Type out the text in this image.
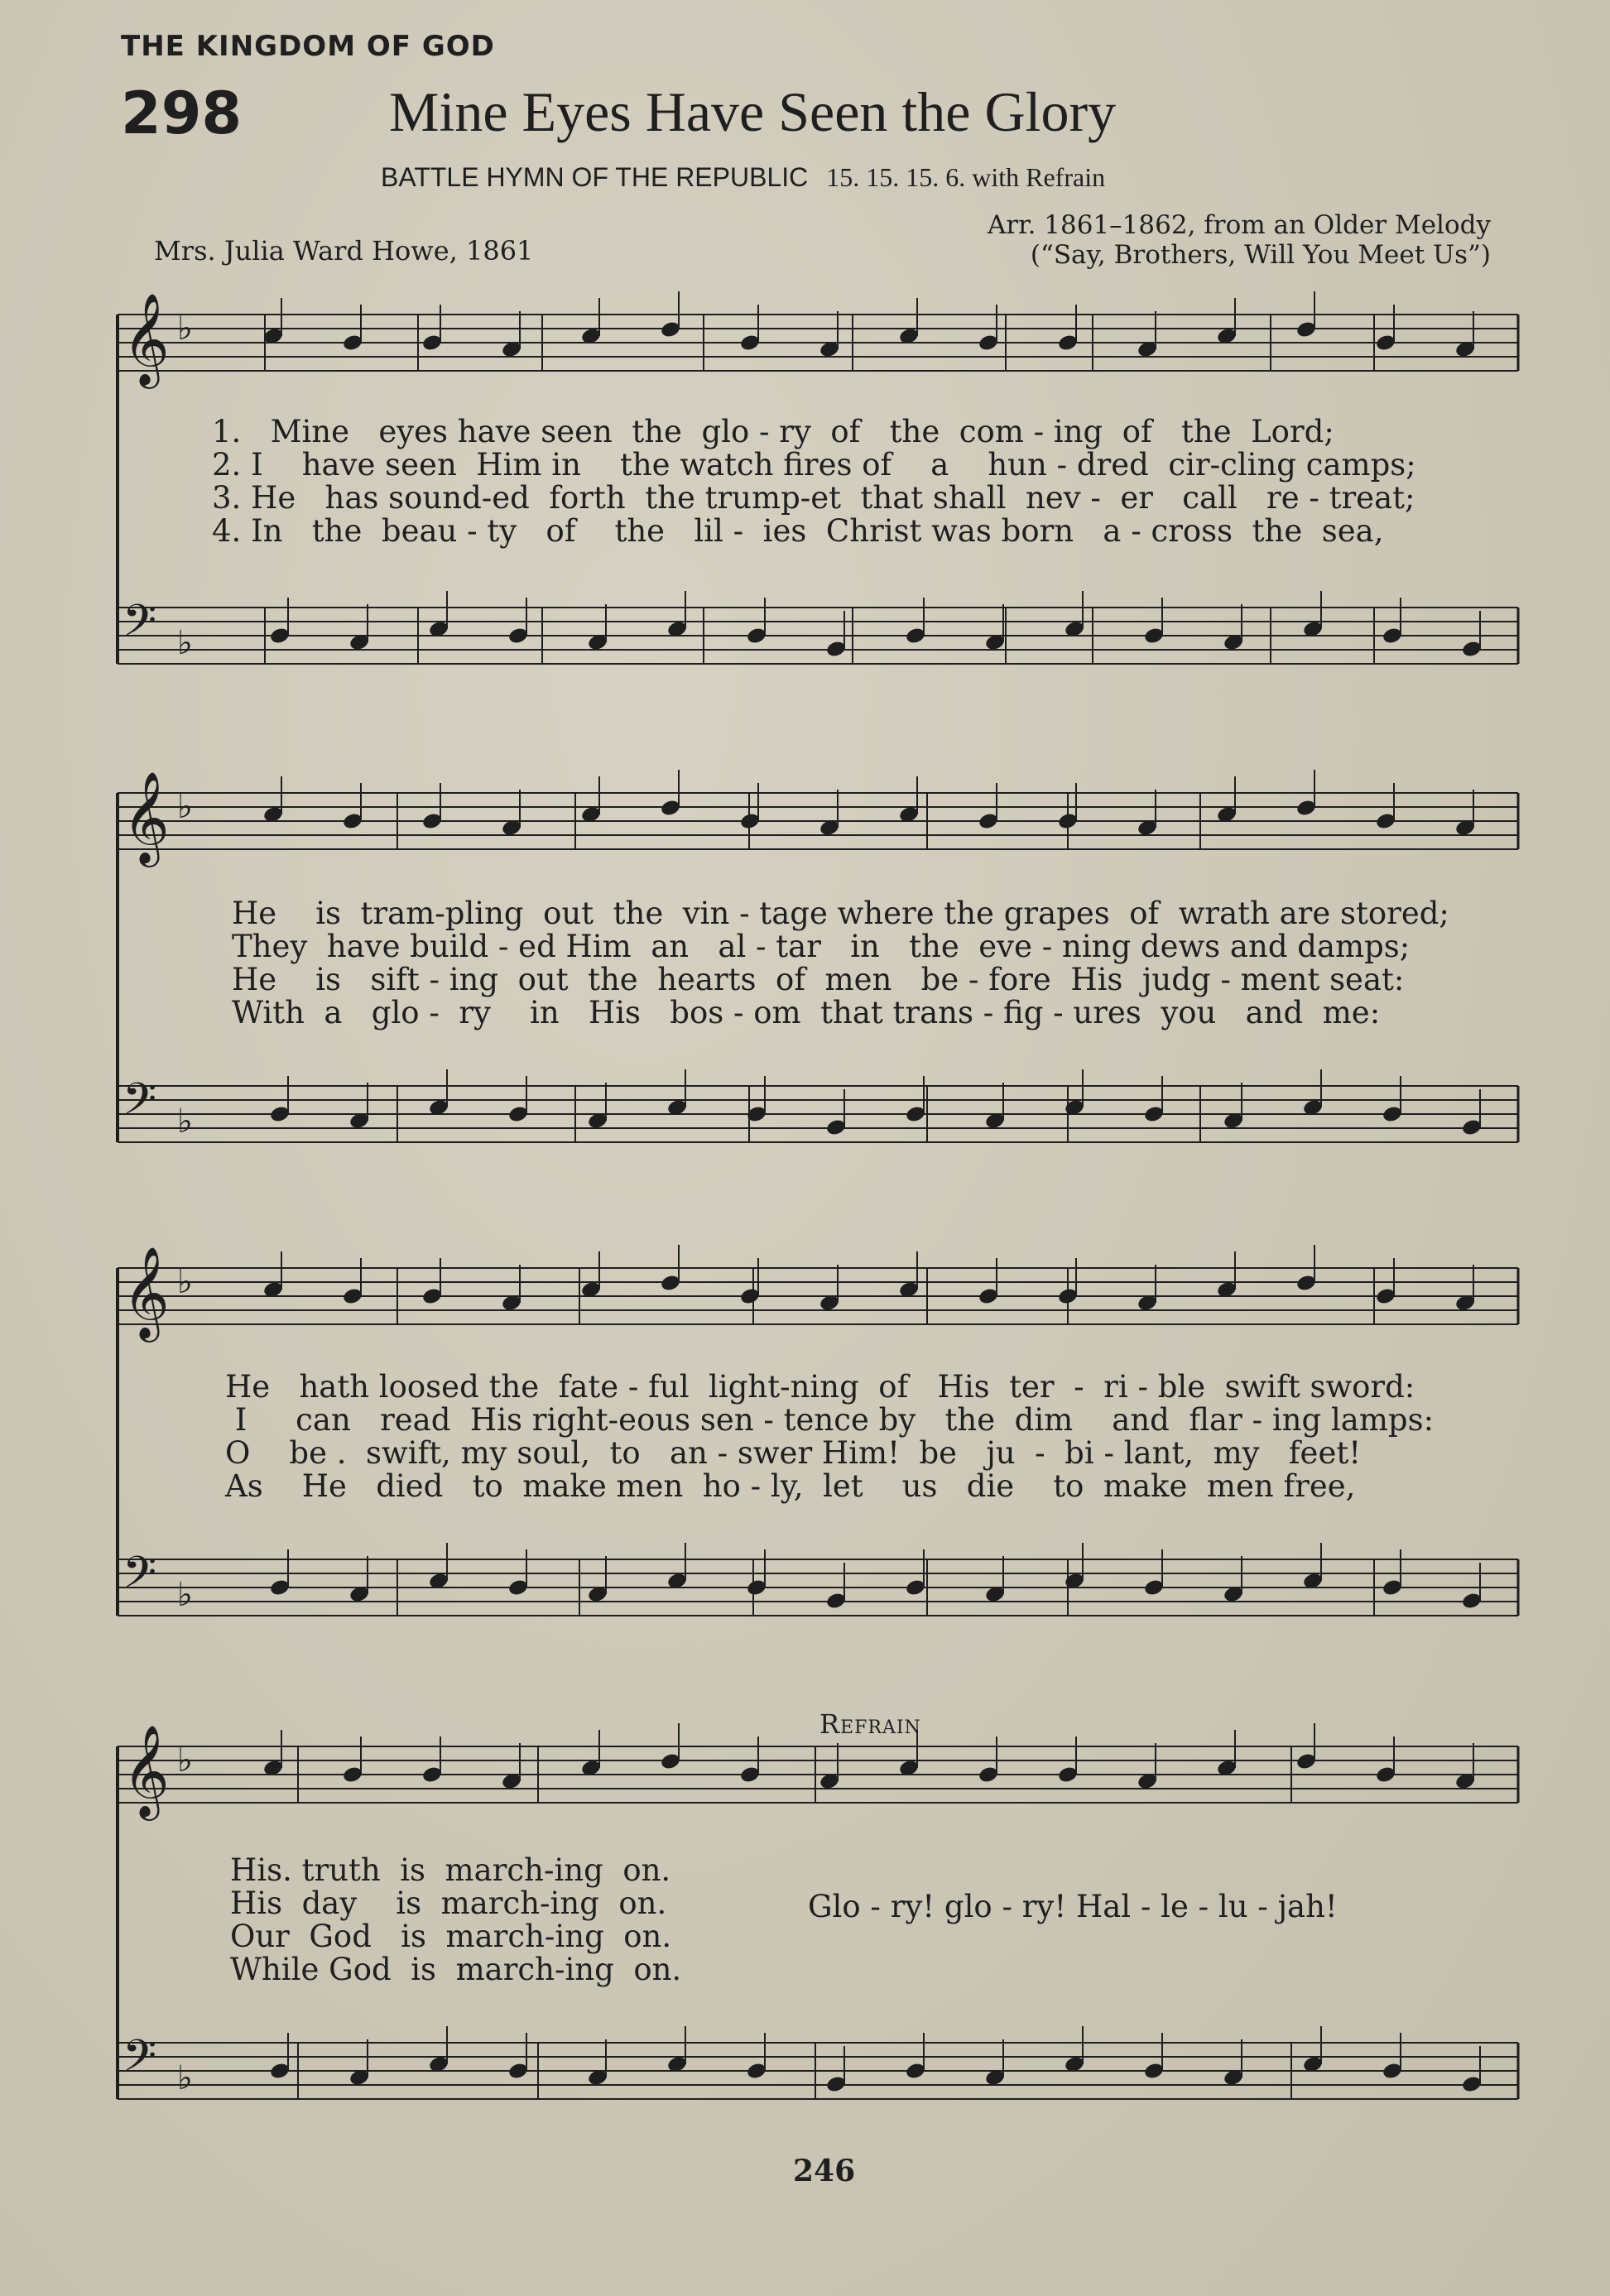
THE KINGDOM OF GOD
298	Mine Eyes Have Seen the Glory
BATTLE HYMN OF THE REPUBLIC 15. 15. 15. 6. with Refrain
Mrs. Julia Ward Howe, 1861
Arr. 1861–1862, from an Older Melody
(“Say, Brothers, Will You Meet Us”)
𝄞 ♭
𝄢 ♭
𝄞 ♭
𝄢 ♭
𝄞 ♭
𝄢 ♭
𝄞 ♭
𝄢 ♭
1.   Mine   eyes have seen  the  glo - ry  of   the  com - ing  of   the  Lord;
2. I    have seen  Him in    the watch fires of    a    hun - dred  cir-cling camps;
3. He   has sound-ed  forth  the trump-et  that shall  nev -  er   call   re - treat;
4. In   the  beau - ty   of    the   lil -  ies  Christ was born   a - cross  the  sea,
He    is  tram-pling  out  the  vin - tage where the grapes  of  wrath are stored;
They  have build - ed Him  an   al - tar   in   the  eve - ning dews and damps;
He    is   sift - ing  out  the  hearts  of  men   be - fore  His  judg - ment seat:
With  a   glo -  ry    in   His   bos - om  that trans - fig - ures  you   and  me:
He   hath loosed the  fate - ful  light-ning  of   His  ter  -  ri - ble  swift sword:
I     can   read  His right-eous sen - tence by   the  dim    and  flar - ing lamps:
O    be .  swift, my soul,  to   an - swer Him!  be   ju  -  bi - lant,  my   feet!
As    He   died   to  make men  ho - ly,  let    us   die    to  make  men free,
Refrain
His. truth  is  march-ing  on.
His  day    is  march-ing  on.
Our  God   is  march-ing  on.
While God  is  march-ing  on.
Glo - ry! glo - ry! Hal - le - lu - jah!
246
